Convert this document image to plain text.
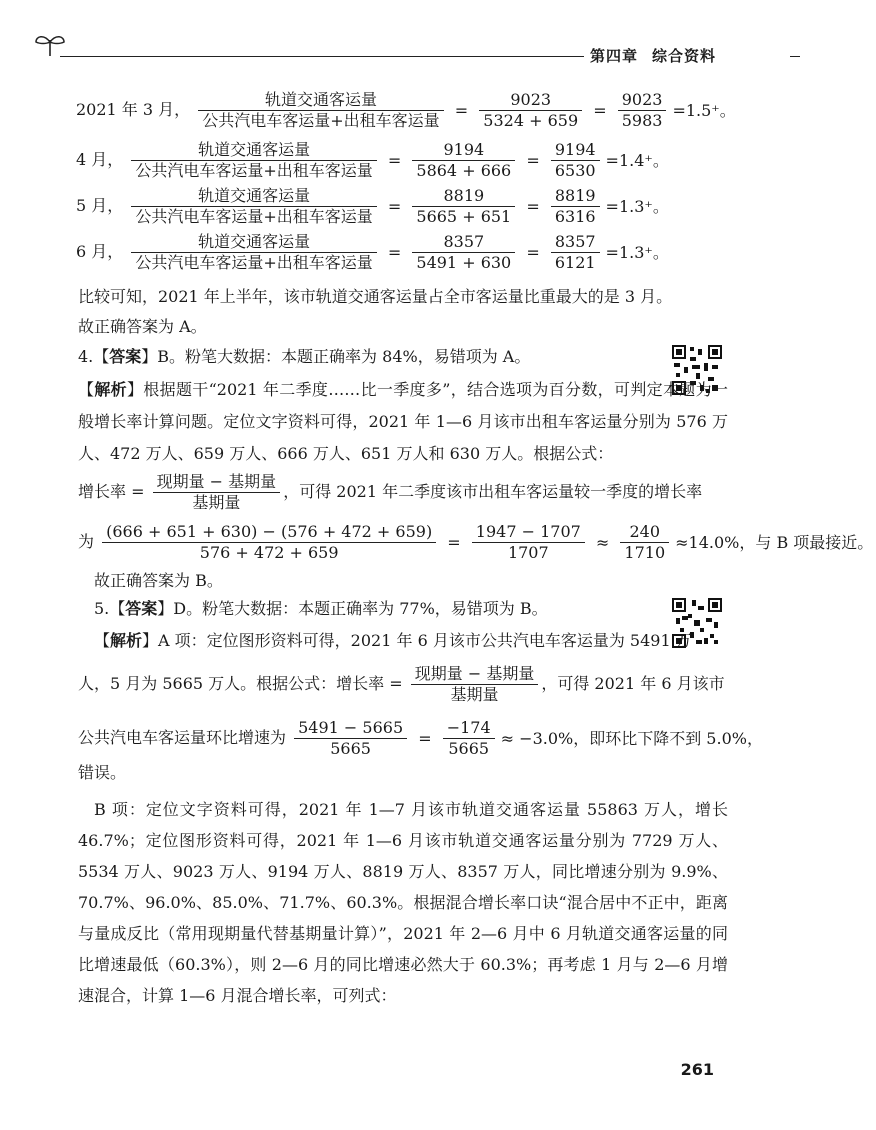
第四章 综合资料
2021 年 3 月， $\frac{\text{轨道交通客运量}}{\text{公共汽电车客运量+出租车客运量}} = \frac{9023}{5324 + 659} = \frac{9023}{5983} =1.5^+$。
4 月， $\frac{\text{轨道交通客运量}}{\text{公共汽电车客运量+出租车客运量}} = \frac{9194}{5864 + 666} = \frac{9194}{6530} =1.4^+$。
5 月， $\frac{\text{轨道交通客运量}}{\text{公共汽电车客运量+出租车客运量}} = \frac{8819}{5665 + 651} = \frac{8819}{6316} =1.3^+$。
6 月， $\frac{\text{轨道交通客运量}}{\text{公共汽电车客运量+出租车客运量}} = \frac{8357}{5491 + 630} = \frac{8357}{6121} =1.3^+$。
比较可知，2021 年上半年，该市轨道交通客运量占全市客运量比重最大的是 3 月。
故正确答案为 A。
4.【答案】B。粉笔大数据：本题正确率为 84%，易错项为 A。
【解析】根据题干“2021 年二季度……比一季度多”，结合选项为百分数，可判定本题为一般增长率计算问题。定位文字资料可得，2021 年 1—6 月该市出租车客运量分别为 576 万人、472 万人、659 万人、666 万人、651 万人和 630 万人。根据公式：
增长率 = $\frac{\text{现期量 − 基期量}}{\text{基期量}}$ ，可得 2021 年二季度该市出租车客运量较一季度的增长率
为 $\frac{(666 + 651 + 630) - (576 + 472 + 659)}{576 + 472 + 659} = \frac{1947 - 1707}{1707} \approx \frac{240}{1710} \approx 14.0\%$，与 B 项最接近。
故正确答案为 B。
5.【答案】D。粉笔大数据：本题正确率为 77%，易错项为 B。
【解析】A 项：定位图形资料可得，2021 年 6 月该市公共汽电车客运量为 5491 万
人，5 月为 5665 万人。根据公式：增长率 = $\frac{\text{现期量 − 基期量}}{\text{基期量}}$ ，可得 2021 年 6 月该市
公共汽电车客运量环比增速为 $\frac{5491 - 5665}{5665} = \frac{-174}{5665} \approx -3.0\%$，即环比下降不到 5.0%，
错误。
B 项：定位文字资料可得，2021 年 1—7 月该市轨道交通客运量 55863 万人，增长 46.7%；定位图形资料可得，2021 年 1—6 月该市轨道交通客运量分别为 7729 万人、5534 万人、9023 万人、9194 万人、8819 万人、8357 万人，同比增速分别为 9.9%、70.7%、96.0%、85.0%、71.7%、60.3%。根据混合增长率口诀“混合居中不正中，距离与量成反比（常用现期量代替基期量计算）”，2021 年 2—6 月中 6 月轨道交通客运量的同比增速最低（60.3%），则 2—6 月的同比增速必然大于 60.3%；再考虑 1 月与 2—6 月增速混合，计算 1—6 月混合增长率，可列式：
261
